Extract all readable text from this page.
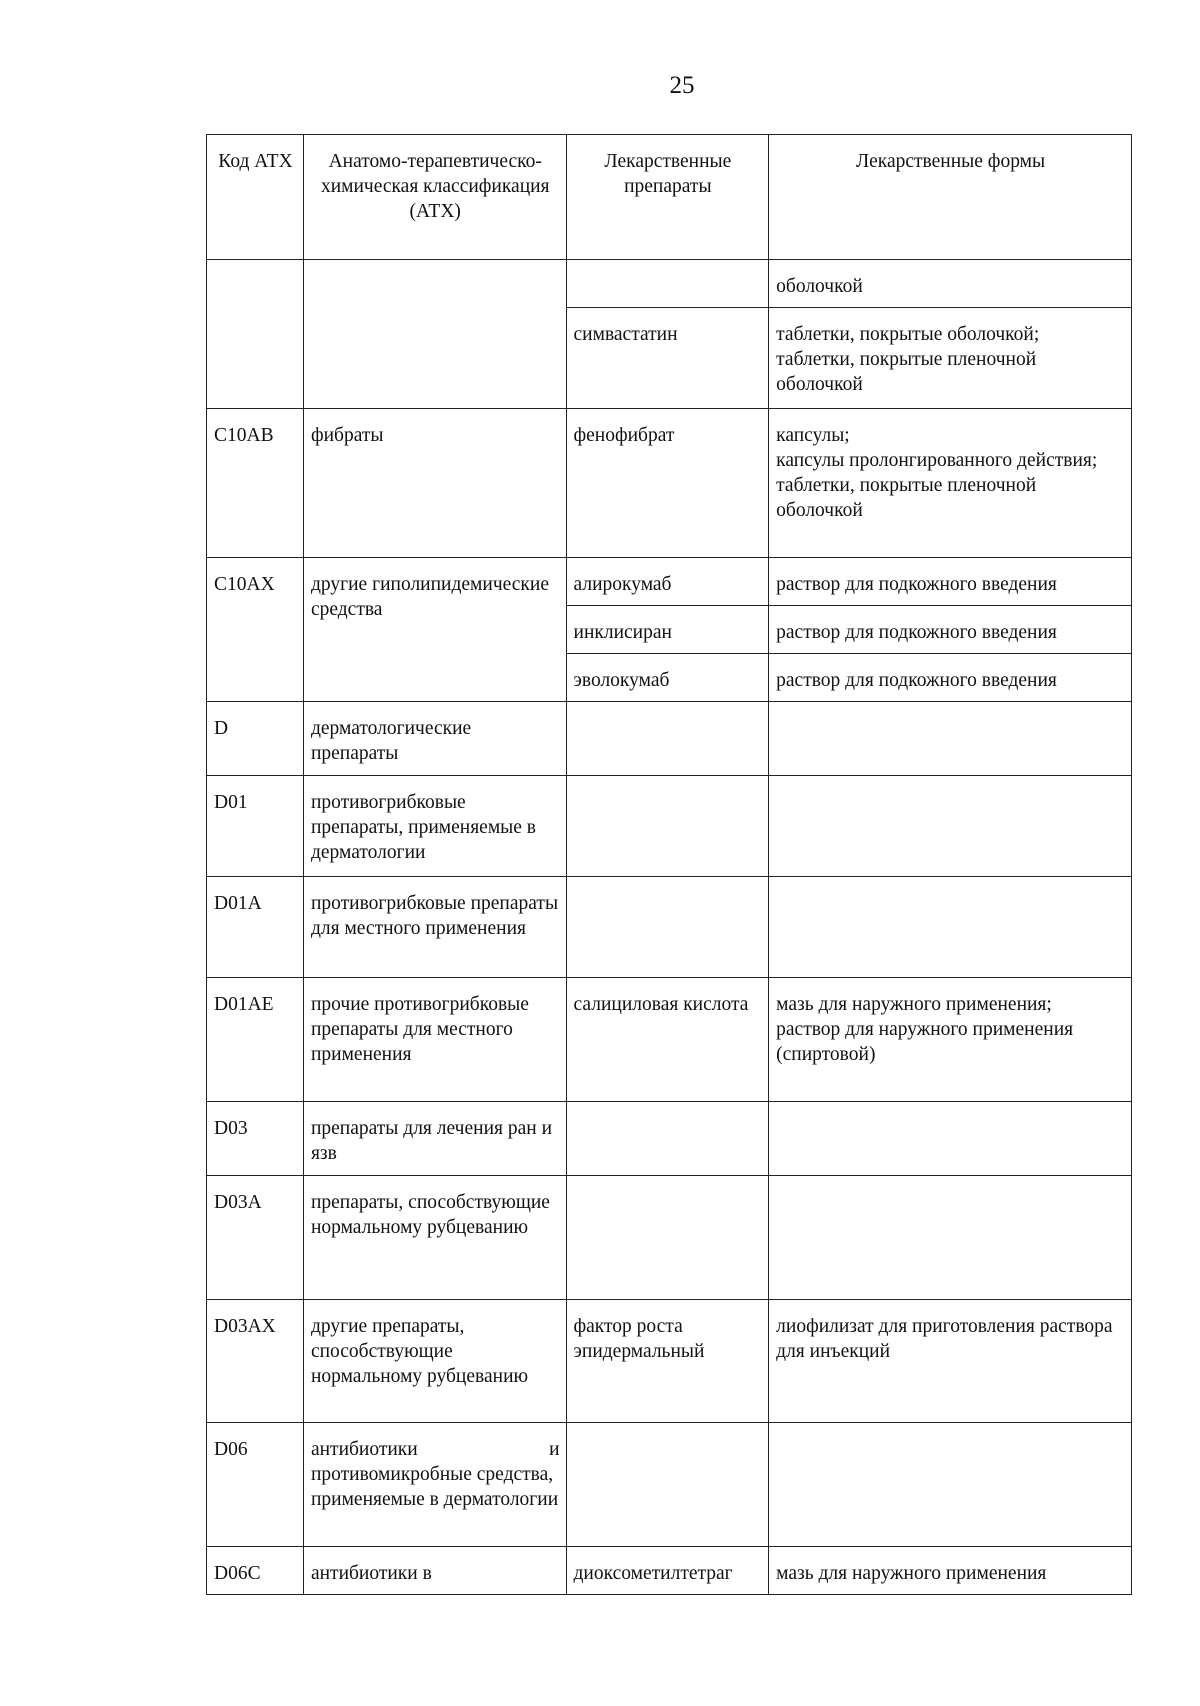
25
Код АТХ	Анатомо-терапевтическо-химическая классификация (АТХ)	Лекарственные препараты	Лекарственные формы
			оболочкой
		симвастатин	таблетки, покрытые оболочкой;
таблетки, покрытые пленочной оболочкой
C10AB	фибраты	фенофибрат	капсулы;
капсулы пролонгированного действия;
таблетки, покрытые пленочной оболочкой
C10AX	другие гиполипидемические средства	алирокумаб	раствор для подкожного введения
		инклисиран	раствор для подкожного введения
		эволокумаб	раствор для подкожного введения
D	дерматологические препараты		
D01	противогрибковые препараты, применяемые в дерматологии		
D01A	противогрибковые препараты для местного применения		
D01AE	прочие противогрибковые препараты для местного применения	салициловая кислота	мазь для наружного применения;
раствор для наружного применения (спиртовой)
D03	препараты для лечения ран и язв		
D03A	препараты, способствующие нормальному рубцеванию		
D03AX	другие препараты, способствующие нормальному рубцеванию	фактор роста эпидермальный	лиофилизат для приготовления раствора для инъекций
D06	антибиотики и
противомикробные средства, применяемые в дерматологии		

D06C	антибиотики в	диоксометилтетраг	мазь для наружного применения
